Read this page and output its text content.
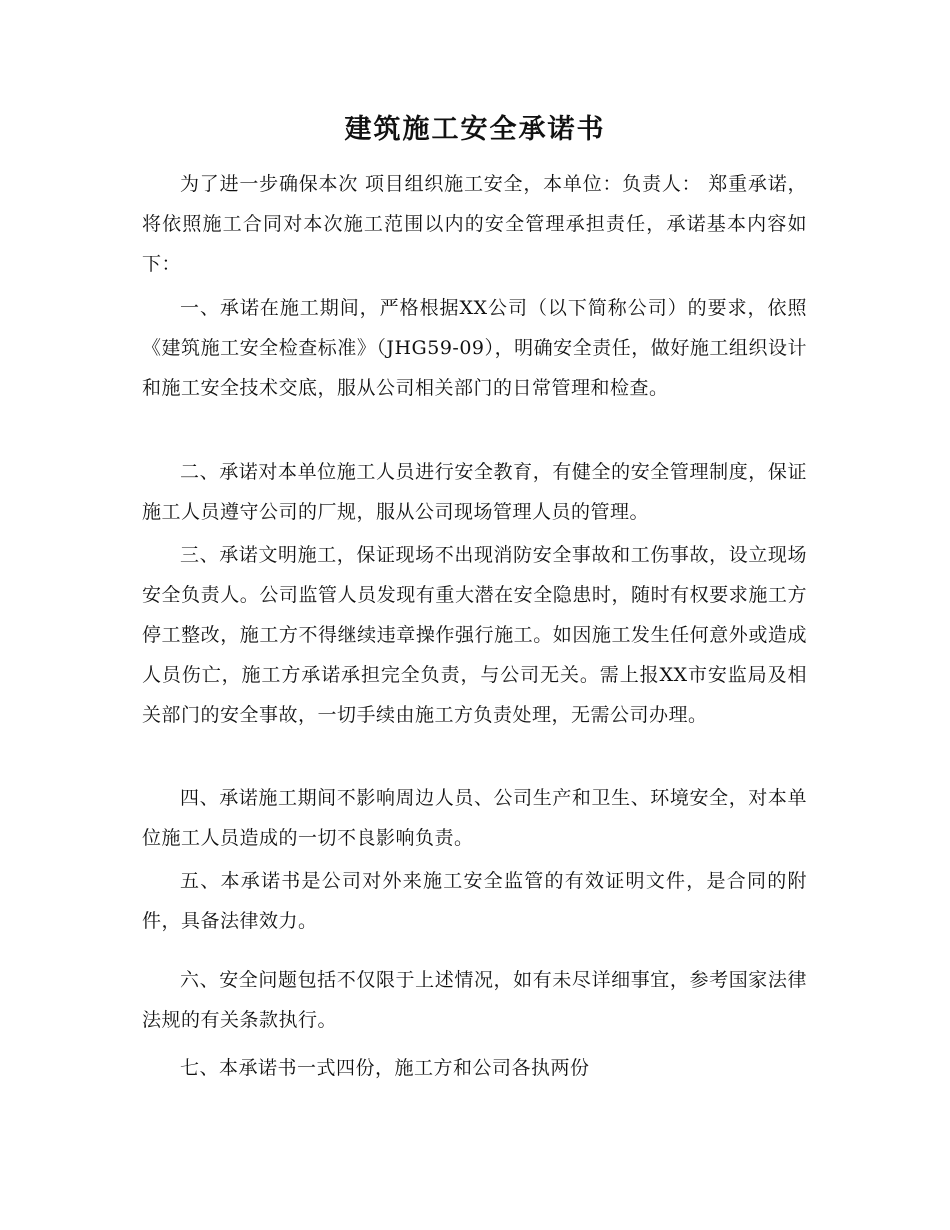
建筑施工安全承诺书

为了进一步确保本次 项目组织施工安全，本单位：负责人： 郑重承诺，将依照施工合同对本次施工范围以内的安全管理承担责任，承诺基本内容如下：

一、承诺在施工期间，严格根据XX公司（以下简称公司）的要求，依照《建筑施工安全检查标准》（JHG59-09），明确安全责任，做好施工组织设计和施工安全技术交底，服从公司相关部门的日常管理和检查。

二、承诺对本单位施工人员进行安全教育，有健全的安全管理制度，保证施工人员遵守公司的厂规，服从公司现场管理人员的管理。

三、承诺文明施工，保证现场不出现消防安全事故和工伤事故，设立现场安全负责人。公司监管人员发现有重大潜在安全隐患时，随时有权要求施工方停工整改，施工方不得继续违章操作强行施工。如因施工发生任何意外或造成人员伤亡，施工方承诺承担完全负责，与公司无关。需上报XX市安监局及相关部门的安全事故，一切手续由施工方负责处理，无需公司办理。

四、承诺施工期间不影响周边人员、公司生产和卫生、环境安全，对本单位施工人员造成的一切不良影响负责。

五、本承诺书是公司对外来施工安全监管的有效证明文件，是合同的附件，具备法律效力。

六、安全问题包括不仅限于上述情况，如有未尽详细事宜，参考国家法律法规的有关条款执行。

七、本承诺书一式四份，施工方和公司各执两份
